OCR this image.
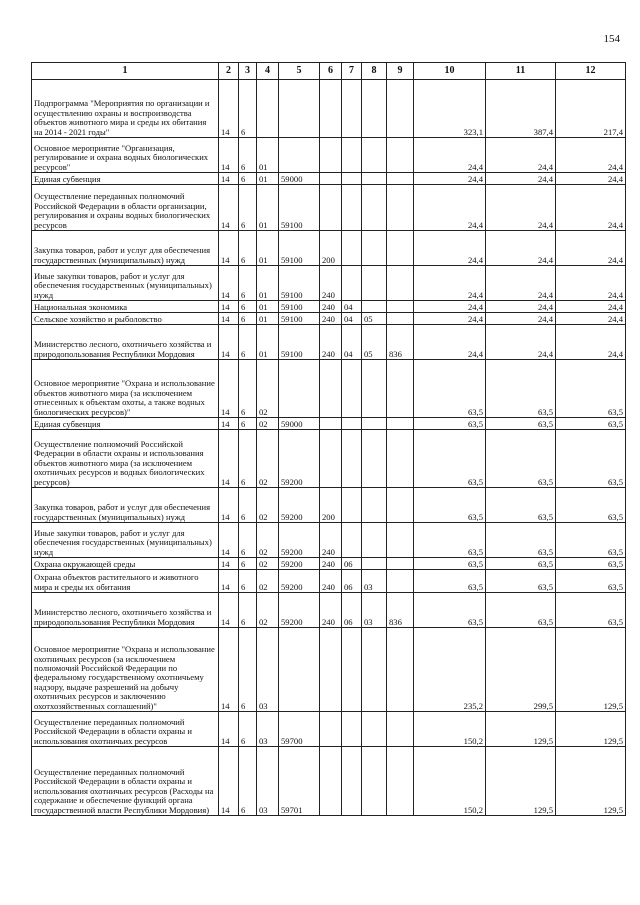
154
1	2	3	4	5	6	7	8	9	10	11	12
Подпрограмма "Мероприятия по организации и осуществлению охраны и воспроизводства объектов животного мира и среды их обитания на 2014 - 2021 годы"	14	6							323,1	387,4	217,4
Основное мероприятие "Организация, регулирование и охрана водных биологических ресурсов"	14	6	01						24,4	24,4	24,4
Единая субвенция	14	6	01	59000					24,4	24,4	24,4
Осуществление переданных полномочий Российской Федерации в области организации, регулирования и охраны водных биологических ресурсов	14	6	01	59100					24,4	24,4	24,4
Закупка товаров, работ и услуг для обеспечения государственных (муниципальных) нужд	14	6	01	59100	200				24,4	24,4	24,4
Иные закупки товаров, работ и услуг для обеспечения государственных (муниципальных) нужд	14	6	01	59100	240				24,4	24,4	24,4
Национальная экономика	14	6	01	59100	240	04			24,4	24,4	24,4
Сельское хозяйство и рыболовство	14	6	01	59100	240	04	05		24,4	24,4	24,4
Министерство лесного, охотничьего хозяйства и природопользования Республики Мордовия	14	6	01	59100	240	04	05	836	24,4	24,4	24,4
Основное мероприятие "Охрана и использование объектов животного мира (за исключением отнесенных к объектам охоты, а также водных биологических ресурсов)"	14	6	02						63,5	63,5	63,5
Единая субвенция	14	6	02	59000					63,5	63,5	63,5
Осуществление полномочий Российской Федерации в области охраны и использования объектов животного мира (за исключением охотничьих ресурсов и водных биологических ресурсов)	14	6	02	59200					63,5	63,5	63,5
Закупка товаров, работ и услуг для обеспечения государственных (муниципальных) нужд	14	6	02	59200	200				63,5	63,5	63,5
Иные закупки товаров, работ и услуг для обеспечения государственных (муниципальных) нужд	14	6	02	59200	240				63,5	63,5	63,5
Охрана окружающей среды	14	6	02	59200	240	06			63,5	63,5	63,5
Охрана объектов растительного и животного мира и среды их обитания	14	6	02	59200	240	06	03		63,5	63,5	63,5
Министерство лесного, охотничьего хозяйства и природопользования Республики Мордовия	14	6	02	59200	240	06	03	836	63,5	63,5	63,5
Основное мероприятие "Охрана и использование охотничьих ресурсов (за исключением полномочий Российской Федерации по федеральному государственному охотничьему надзору, выдаче разрешений на добычу охотничьих ресурсов и заключению охотхозяйственных соглашений)"	14	6	03						235,2	299,5	129,5
Осуществление переданных полномочий Российской Федерации в области охраны и использования охотничьих ресурсов	14	6	03	59700					150,2	129,5	129,5
Осуществление переданных полномочий Российской Федерации в области охраны и использования охотничьих ресурсов (Расходы на содержание и обеспечение функций органа государственной власти Республики Мордовия)	14	6	03	59701					150,2	129,5	129,5
